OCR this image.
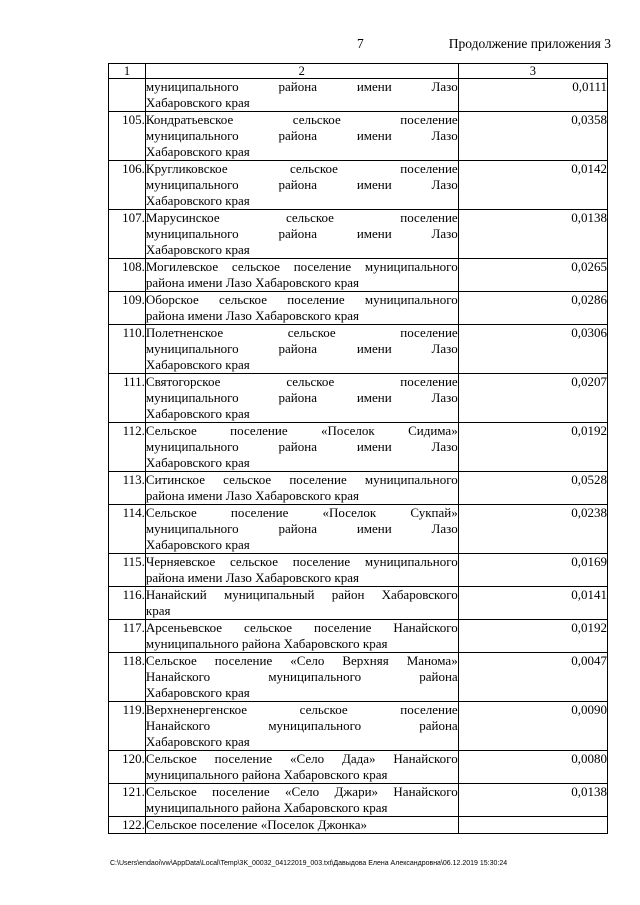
7	Продолжение приложения 3
1	2	3

	муниципального района имени Лазо
Хабаровского края	0,0111
105.	Кондратьевское сельское поселение
муниципального района имени Лазо
Хабаровского края	0,0358
106.	Кругликовское сельское поселение
муниципального района имени Лазо
Хабаровского края	0,0142
107.	Марусинское сельское поселение
муниципального района имени Лазо
Хабаровского края	0,0138
108.	Могилевское сельское поселение муниципального
района имени Лазо Хабаровского края	0,0265
109.	Оборское сельское поселение муниципального
района имени Лазо Хабаровского края	0,0286
110.	Полетненское сельское поселение
муниципального района имени Лазо
Хабаровского края	0,0306
111.	Святогорское сельское поселение
муниципального района имени Лазо
Хабаровского края	0,0207
112.	Сельское поселение «Поселок Сидима»
муниципального района имени Лазо
Хабаровского края	0,0192
113.	Ситинское сельское поселение муниципального
района имени Лазо Хабаровского края	0,0528
114.	Сельское поселение «Поселок Сукпай»
муниципального района имени Лазо
Хабаровского края	0,0238
115.	Черняевское сельское поселение муниципального
района имени Лазо Хабаровского края	0,0169
116.	Нанайский муниципальный район Хабаровского
края	0,0141
117.	Арсеньевское сельское поселение Нанайского
муниципального района Хабаровского края	0,0192
118.	Сельское поселение «Село Верхняя Манома»
Нанайского муниципального района
Хабаровского края	0,0047
119.	Верхненергенское сельское поселение
Нанайского муниципального района
Хабаровского края	0,0090
120.	Сельское поселение «Село Дада» Нанайского
муниципального района Хабаровского края	0,0080
121.	Сельское поселение «Село Джари» Нанайского
муниципального района Хабаровского края	0,0138
122.	Сельское поселение «Поселок Джонка»	

C:\Users\endaoi\vw\AppData\Local\Temp\3K_00032_04122019_003.txt\Давыдова Елена Александровна\06.12.2019 15:30:24
